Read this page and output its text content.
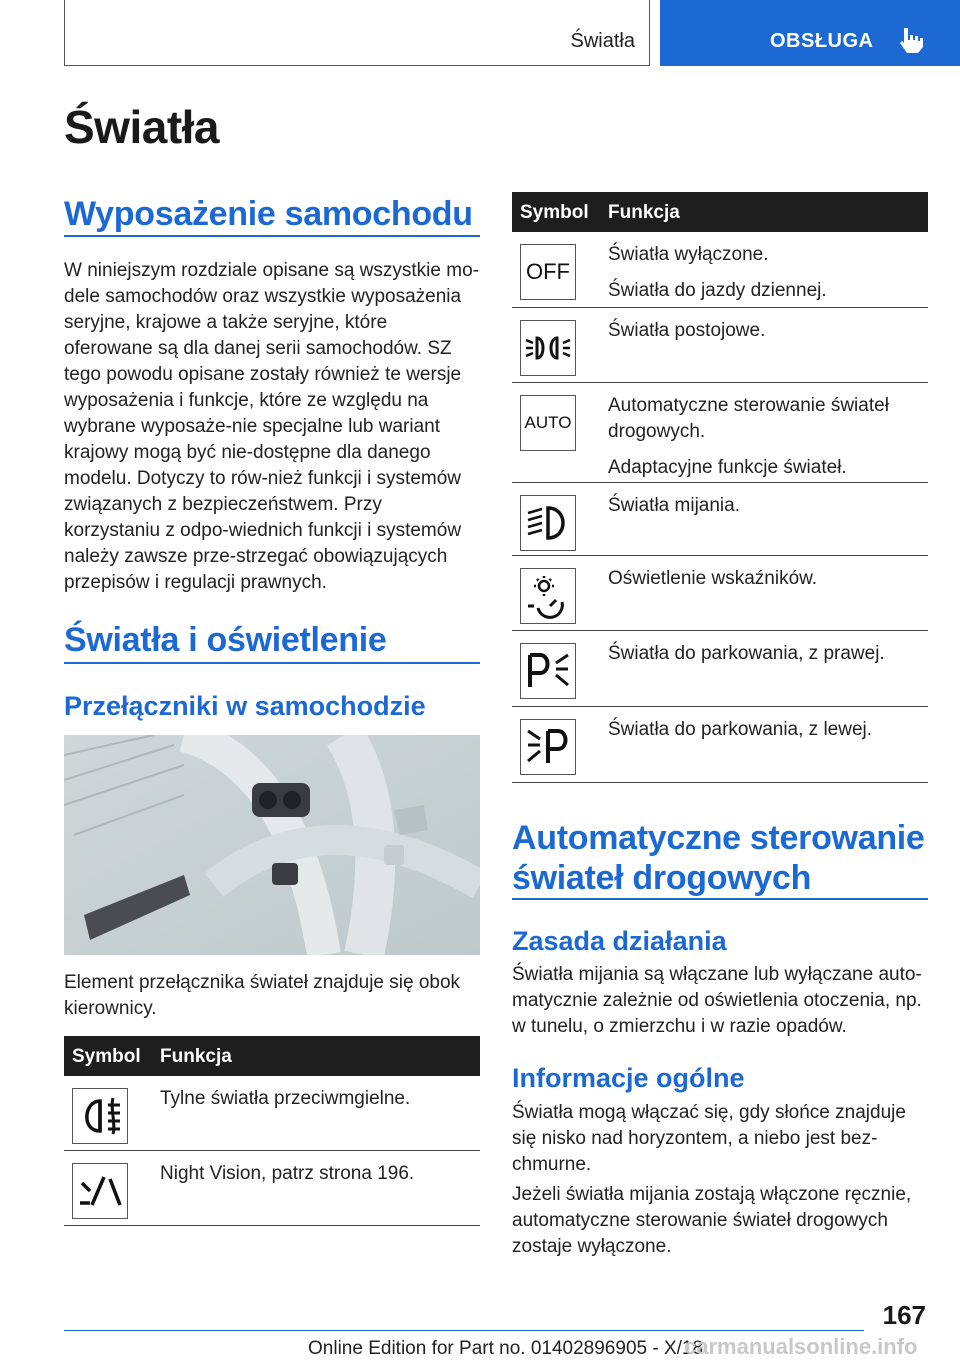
Światła	OBSŁUGA
Światła
Wyposażenie samochodu
W niniejszym rozdziale opisane są wszystkie mo-dele samochodów oraz wszystkie wyposażenia seryjne, krajowe a także seryjne, które oferowane są dla danej serii samochodów. SZ tego powodu opisane zostały również te wersje wyposażenia i funkcje, które ze względu na wybrane wyposaże-nie specjalne lub wariant krajowy mogą być nie-dostępne dla danego modelu. Dotyczy to rów-nież funkcji i systemów związanych z bezpieczeństwem. Przy korzystaniu z odpo-wiednich funkcji i systemów należy zawsze prze-strzegać obowiązujących przepisów i regulacji prawnych.
Światła i oświetlenie
Przełączniki w samochodzie
Element przełącznika świateł znajduje się obok kierownicy.
Symbol Funkcja
Tylne światła przeciwmgielne.
Night Vision, patrz strona 196.
Symbol Funkcja
OFF

Światła wyłączone.

Światła do jazdy dziennej.

Światła postojowe.

AUTO

Automatyczne sterowanie świateł drogowych.

Adaptacyjne funkcje świateł.

Światła mijania.

Oświetlenie wskaźników.

Światła do parkowania, z prawej.

Światła do parkowania, z lewej.

Automatyczne sterowanie świateł drogowych
Zasada działania
Światła mijania są włączane lub wyłączane auto-matycznie zależnie od oświetlenia otoczenia, np. w tunelu, o zmierzchu i w razie opadów.
Informacje ogólne
Światła mogą włączać się, gdy słońce znajduje się nisko nad horyzontem, a niebo jest bez-chmurne.
Jeżeli światła mijania zostają włączone ręcznie, automatyczne sterowanie świateł drogowych zostaje wyłączone.
167
Online Edition for Part no. 01402896905 - X/18
carmanualsonline.info
